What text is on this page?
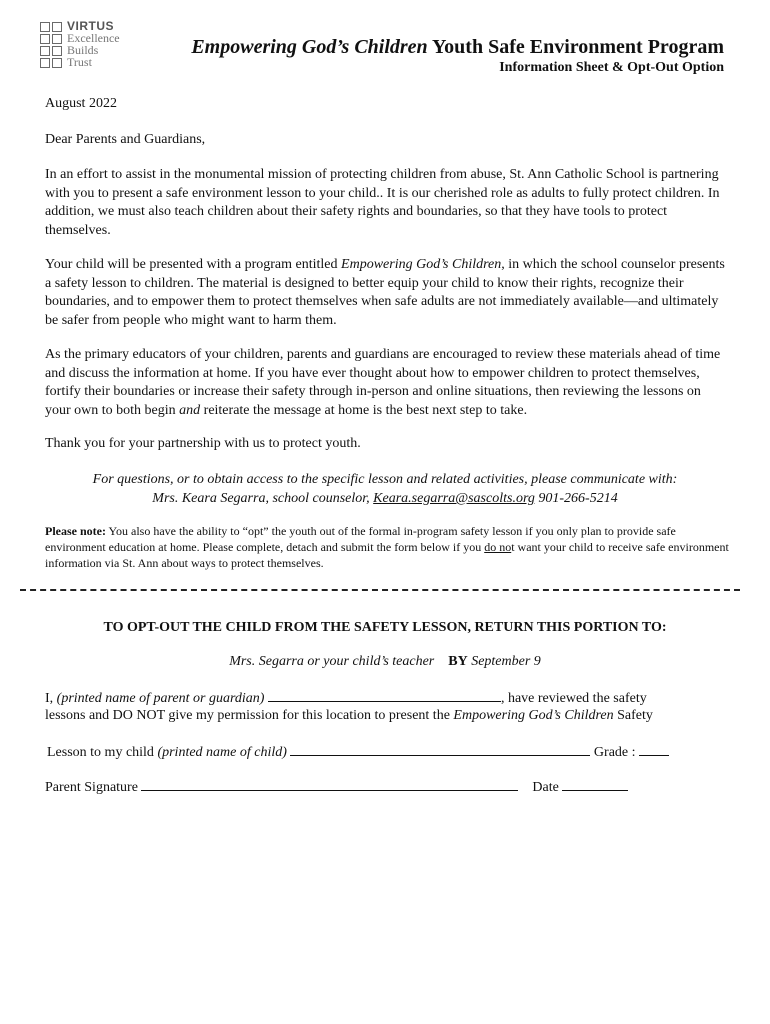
VIRTUS
Excellence
Builds
Trust
Empowering God’s Children Youth Safe Environment Program
Information Sheet & Opt-Out Option
August 2022
Dear Parents and Guardians,
In an effort to assist in the monumental mission of protecting children from abuse, St. Ann Catholic School is partnering with you to present a safe environment lesson to your child.. It is our cherished role as adults to fully protect children. In addition, we must also teach children about their safety rights and boundaries, so that they have tools to protect themselves.
Your child will be presented with a program entitled Empowering God’s Children, in which the school counselor presents a safety lesson to children. The material is designed to better equip your child to know their rights, recognize their boundaries, and to empower them to protect themselves when safe adults are not immediately available—and ultimately be safer from people who might want to harm them.
As the primary educators of your children, parents and guardians are encouraged to review these materials ahead of time and discuss the information at home. If you have ever thought about how to empower children to protect themselves, fortify their boundaries or increase their safety through in-person and online situations, then reviewing the lessons on your own to both begin and reiterate the message at home is the best next step to take.
Thank you for your partnership with us to protect youth.
For questions, or to obtain access to the specific lesson and related activities, please communicate with:
Mrs. Keara Segarra, school counselor, Keara.segarra@sascolts.org 901-266-5214
Please note: You also have the ability to “opt” the youth out of the formal in-program safety lesson if you only plan to provide safe environment education at home. Please complete, detach and submit the form below if you do not want your child to receive safe environment information via St. Ann about ways to protect themselves.
TO OPT-OUT THE CHILD FROM THE SAFETY LESSON, RETURN THIS PORTION TO:
Mrs. Segarra or your child’s teacher BY September 9
I, (printed name of parent or guardian)	, have reviewed the safety
lessons and DO NOT give my permission for this location to present the Empowering God’s Children Safety
Lesson to my child (printed name of child)	Grade :
Parent Signature	Date
